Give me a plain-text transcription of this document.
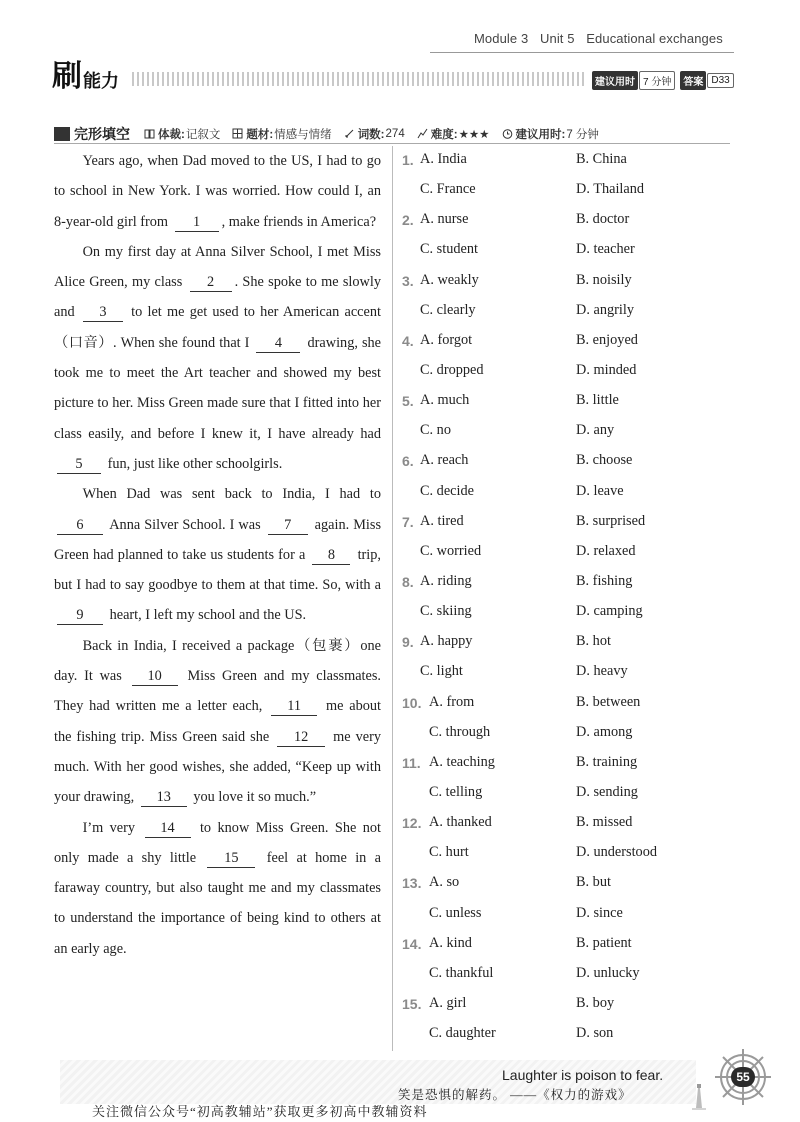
Module 3 Unit 5 Educational exchanges
刷 能力	建议用时 7 分钟	答案 D33
完形填空 体裁: 记叙文 题材: 情感与情绪 词数: 274 难度: ★★★ 建议用时: 7 分钟

Years ago, when Dad moved to the US, I had to go to school in New York. I was worried. How could I, an 8-year-old girl from 1 , make friends in America?

On my first day at Anna Silver School, I met Miss Alice Green, my class 2 . She spoke to me slowly and 3 to let me get used to her American accent（口音）. When she found that I 4 drawing, she took me to meet the Art teacher and showed my best picture to her. Miss Green made sure that I fitted into her class easily, and before I knew it, I have already had 5 fun, just like other schoolgirls.

When Dad was sent back to India, I had to 6 Anna Silver School. I was 7 again. Miss Green had planned to take us students for a 8 trip, but I had to say goodbye to them at that time. So, with a 9 heart, I left my school and the US.

Back in India, I received a package（包裹）one day. It was 10 Miss Green and my classmates. They had written me a letter each, 11 me about the fishing trip. Miss Green said she 12 me very much. With her good wishes, she added, “Keep up with your drawing, 13 you love it so much.”

I’m very 14 to know Miss Green. She not only made a shy little 15 feel at home in a faraway country, but also taught me and my classmates to understand the importance of being kind to others at an early age.

1. A. India	B. China
C. France	D. Thailand
2. A. nurse	B. doctor
C. student	D. teacher
3. A. weakly	B. noisily
C. clearly	D. angrily
4. A. forgot	B. enjoyed
C. dropped	D. minded
5. A. much	B. little
C. no	D. any
6. A. reach	B. choose
C. decide	D. leave
7. A. tired	B. surprised
C. worried	D. relaxed
8. A. riding	B. fishing
C. skiing	D. camping
9. A. happy	B. hot
C. light	D. heavy
10. A. from	B. between
C. through	D. among
11. A. teaching	B. training
C. telling	D. sending
12. A. thanked	B. missed
C. hurt	D. understood
13. A. so	B. but
C. unless	D. since
14. A. kind	B. patient
C. thankful	D. unlucky
15. A. girl	B. boy
C. daughter	D. son
Laughter is poison to fear.
笑是恐惧的解药。 ——《权力的游戏》
关注微信公众号“初高教辅站”获取更多初高中教辅资料
55
